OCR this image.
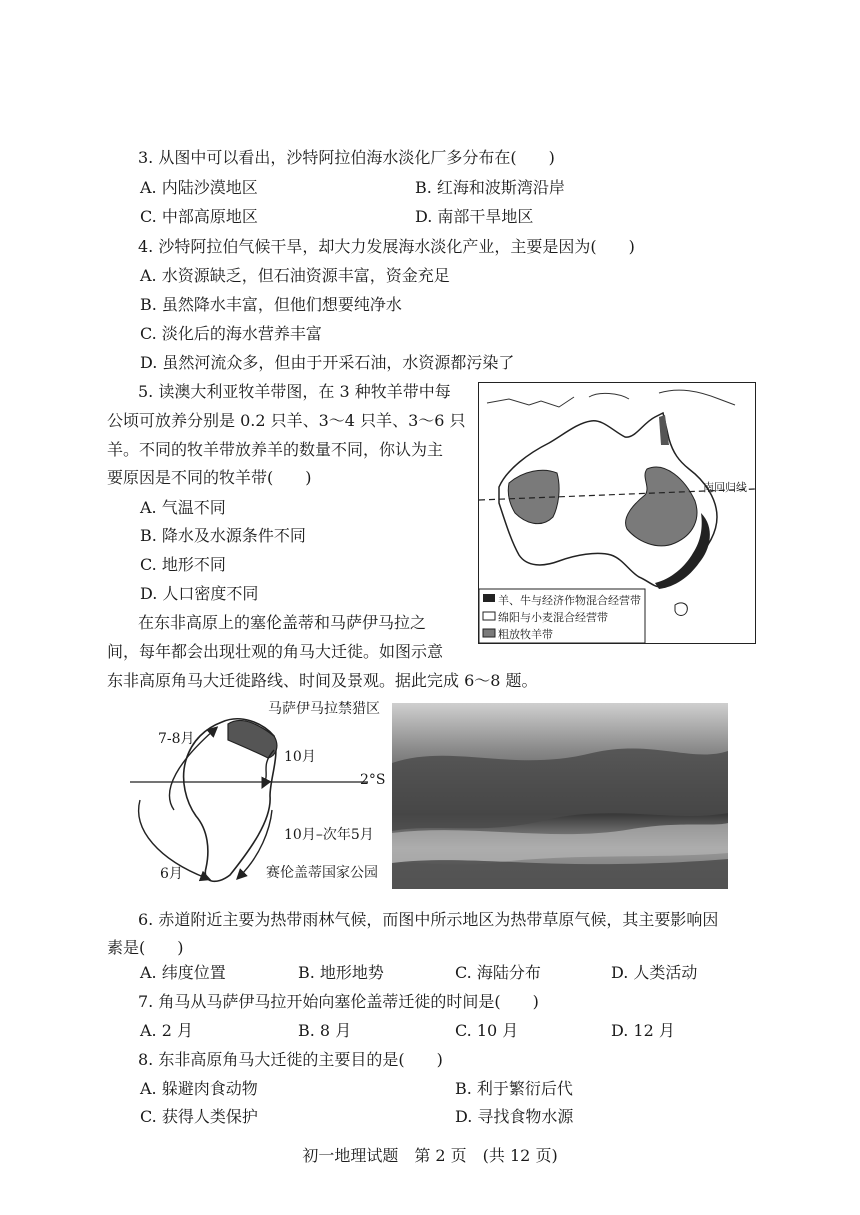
3. 从图中可以看出，沙特阿拉伯海水淡化厂多分布在(　　)
A. 内陆沙漠地区	B. 红海和波斯湾沿岸
C. 中部高原地区	D. 南部干旱地区
4. 沙特阿拉伯气候干旱，却大力发展海水淡化产业，主要是因为(　　)
A. 水资源缺乏，但石油资源丰富，资金充足
B. 虽然降水丰富，但他们想要纯净水
C. 淡化后的海水营养丰富
D. 虽然河流众多，但由于开采石油，水资源都污染了
5. 读澳大利亚牧羊带图，在 3 种牧羊带中每
公顷可放养分别是 0.2 只羊、3～4 只羊、3～6 只
羊。不同的牧羊带放养羊的数量不同，你认为主
要原因是不同的牧羊带(　　)
A. 气温不同
B. 降水及水源条件不同
C. 地形不同
D. 人口密度不同
南回归线
羊、牛与经济作物混合经营带
绵阳与小麦混合经营带
粗放牧羊带
在东非高原上的塞伦盖蒂和马萨伊马拉之
间，每年都会出现壮观的角马大迁徙。如图示意
东非高原角马大迁徙路线、时间及景观。据此完成 6～8 题。
马萨伊马拉禁猎区
7-8月
10月
2°S
10月–次年5月
6月	赛伦盖蒂国家公园
6. 赤道附近主要为热带雨林气候，而图中所示地区为热带草原气候，其主要影响因
素是(　　)
A. 纬度位置	B. 地形地势	C. 海陆分布	D. 人类活动
7. 角马从马萨伊马拉开始向塞伦盖蒂迁徙的时间是(　　)
A. 2 月	B. 8 月	C. 10 月	D. 12 月
8. 东非高原角马大迁徙的主要目的是(　　)
A. 躲避肉食动物	B. 利于繁衍后代
C. 获得人类保护	D. 寻找食物水源
初一地理试题　第 2 页　(共 12 页)
